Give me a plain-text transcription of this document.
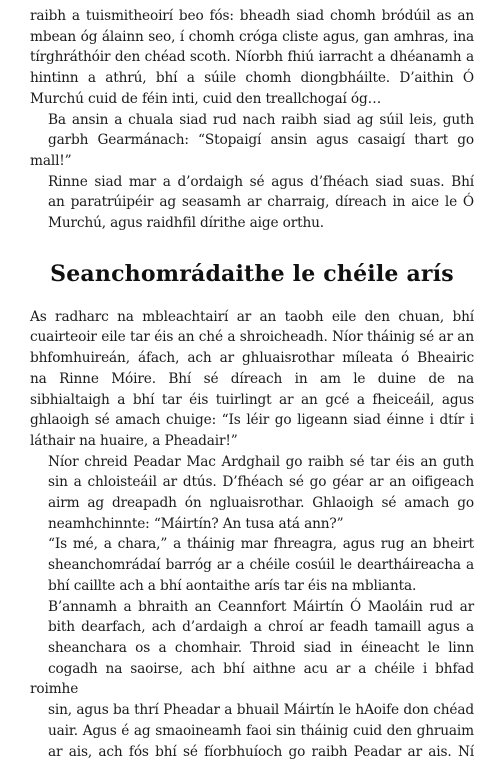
raibh a tuismitheoirí beo fós: bheadh siad chomh bródúil as an
mbean óg álainn seo, í chomh cróga cliste agus, gan amhras, ina
tírghráthóir den chéad scoth. Níorbh fhiú iarracht a dhéanamh a
hintinn a athrú, bhí a súile chomh diongbháilte. D’aithin Ó
Murchú cuid de féin inti, cuid den treallchogaí óg…

Ba ansin a chuala siad rud nach raibh siad ag súil leis, guth
garbh Gearmánach: “Stopaigí ansin agus casaigí thart go mall!”

Rinne siad mar a d’ordaigh sé agus d’fhéach siad suas. Bhí
an paratrúipéir ag seasamh ar charraig, díreach in aice le Ó
Murchú, agus raidhfil dírithe aige orthu.

Seanchomrádaithe le chéile arís

As radharc na mbleachtairí ar an taobh eile den chuan, bhí
cuairteoir eile tar éis an ché a shroicheadh. Níor tháinig sé ar an
bhfomhuireán, áfach, ach ar ghluaisrothar míleata ó Bheairic
na Rinne Móire. Bhí sé díreach in am le duine de na
sibhialtaigh a bhí tar éis tuirlingt ar an gcé a fheiceáil, agus
ghlaoigh sé amach chuige: “Is léir go ligeann siad éinne i dtír i
láthair na huaire, a Pheadair!”

Níor chreid Peadar Mac Ardghail go raibh sé tar éis an guth
sin a chloisteáil ar dtús. D’fhéach sé go géar ar an oifigeach
airm ag dreapadh ón ngluaisrothar. Ghlaoigh sé amach go
neamhchinnte: “Máirtín? An tusa atá ann?”

“Is mé, a chara,” a tháinig mar fhreagra, agus rug an bheirt
sheanchomrádaí barróg ar a chéile cosúil le deartháireacha a
bhí caillte ach a bhí aontaithe arís tar éis na mblianta.

B’annamh a bhraith an Ceannfort Máirtín Ó Maoláin rud ar
bith dearfach, ach d’ardaigh a chroí ar feadh tamaill agus a
sheanchara os a chomhair. Throid siad in éineacht le linn
cogadh na saoirse, ach bhí aithne acu ar a chéile i bhfad roimhe
sin, agus ba thrí Pheadar a bhuail Máirtín le hAoife don chéad
uair. Agus é ag smaoineamh faoi sin tháinig cuid den ghruaim
ar ais, ach fós bhí sé fíorbhuíoch go raibh Peadar ar ais. Ní
